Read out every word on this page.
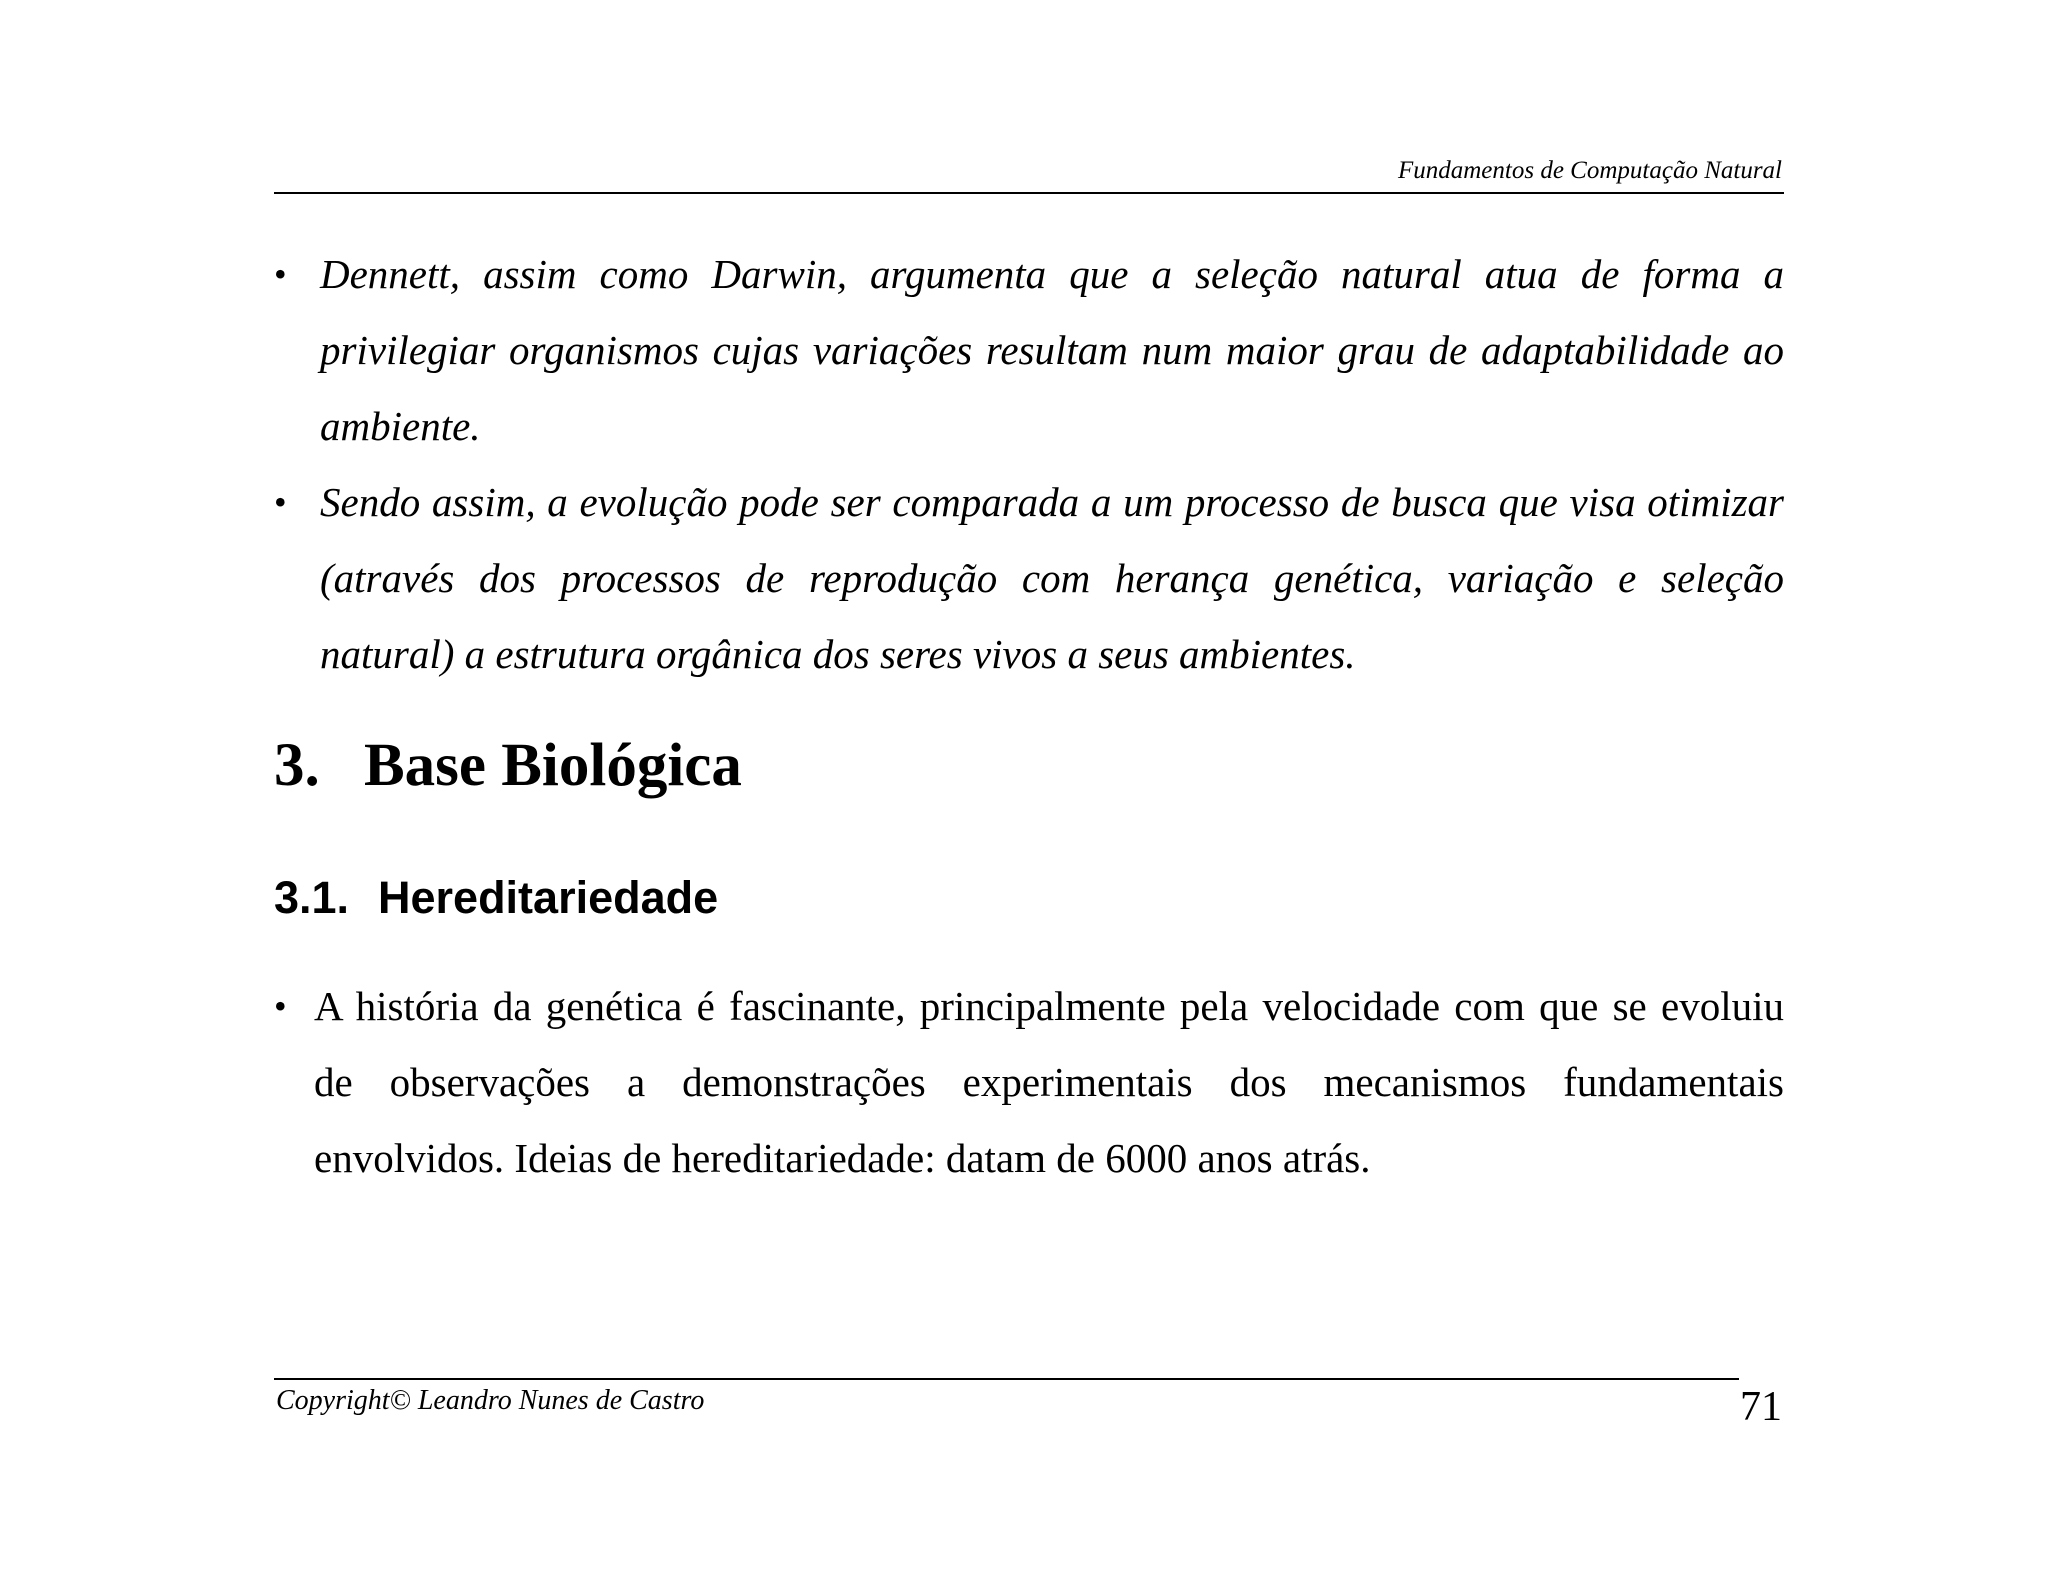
Fundamentos de Computação Natural
• Dennett, assim como Darwin, argumenta que a seleção natural atua de forma a privilegiar organismos cujas variações resultam num maior grau de adaptabilidade ao ambiente.
• Sendo assim, a evolução pode ser comparada a um processo de busca que visa otimizar (através dos processos de reprodução com herança genética, variação e seleção natural) a estrutura orgânica dos seres vivos a seus ambientes.
3. Base Biológica
3.1. Hereditariedade
• A história da genética é fascinante, principalmente pela velocidade com que se evoluiu de observações a demonstrações experimentais dos mecanismos fundamentais envolvidos. Ideias de hereditariedade: datam de 6000 anos atrás.
Copyright© Leandro Nunes de Castro	71
